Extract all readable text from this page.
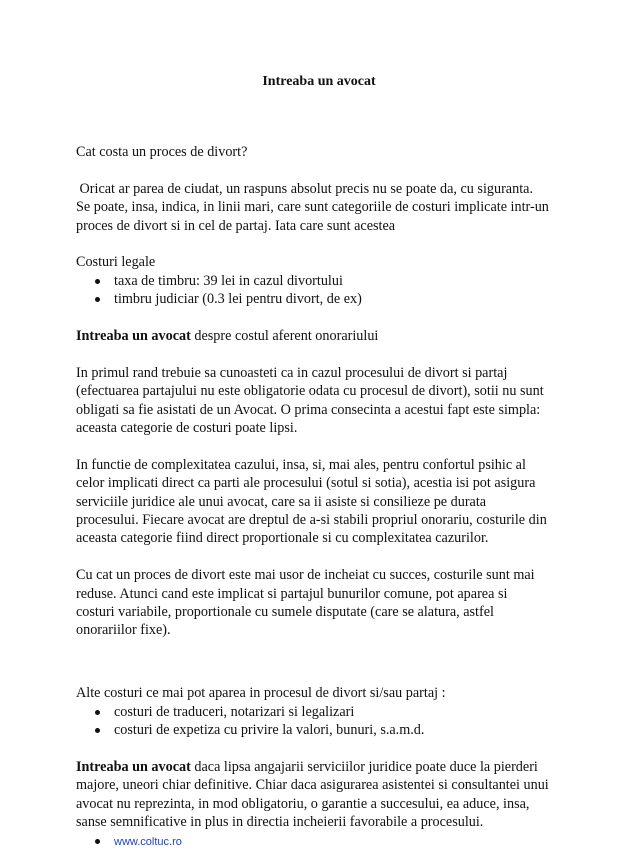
Intreaba un avocat

Cat costa un proces de divort?

Oricat ar parea de ciudat, un raspuns absolut precis nu se poate da, cu siguranta.

Se poate, insa, indica, in linii mari, care sunt categoriile de costuri implicate intr-un

proces de divort si in cel de partaj. Iata care sunt acestea

Costuri legale

taxa de timbru: 39 lei in cazul divortului
timbru judiciar (0.3 lei pentru divort, de ex)

Intreaba un avocat despre costul aferent onorariului

In primul rand trebuie sa cunoasteti ca in cazul procesului de divort si partaj

(efectuarea partajului nu este obligatorie odata cu procesul de divort), sotii nu sunt

obligati sa fie asistati de un Avocat. O prima consecinta a acestui fapt este simpla:

aceasta categorie de costuri poate lipsi.

In functie de complexitatea cazului, insa, si, mai ales, pentru confortul psihic al

celor implicati direct ca parti ale procesului (sotul si sotia), acestia isi pot asigura

serviciile juridice ale unui avocat, care sa ii asiste si consilieze pe durata

procesului. Fiecare avocat are dreptul de a-si stabili propriul onorariu, costurile din

aceasta categorie fiind direct proportionale si cu complexitatea cazurilor.

Cu cat un proces de divort este mai usor de incheiat cu succes, costurile sunt mai

reduse. Atunci cand este implicat si partajul bunurilor comune, pot aparea si

costuri variabile, proportionale cu sumele disputate (care se alatura, astfel

onorariilor fixe).

Alte costuri ce mai pot aparea in procesul de divort si/sau partaj :

costuri de traduceri, notarizari si legalizari
costuri de expetiza cu privire la valori, bunuri, s.a.m.d.

Intreaba un avocat daca lipsa angajarii serviciilor juridice poate duce la pierderi

majore, uneori chiar definitive. Chiar daca asigurarea asistentei si consultantei unui

avocat nu reprezinta, in mod obligatoriu, o garantie a succesului, ea aduce, insa,

sanse semnificative in plus in directia incheierii favorabile a procesului.

www.coltuc.ro
